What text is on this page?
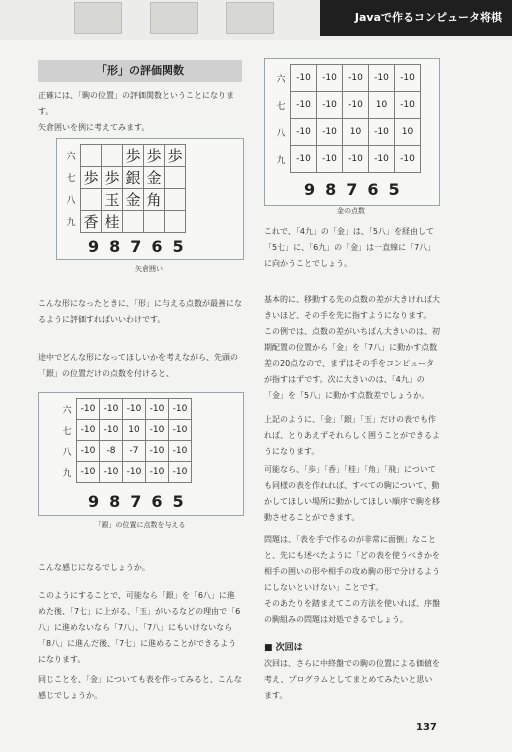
Javaで作るコンピュータ将棋
「形」の評価関数
正確には、「駒の位置」の評価関数ということになります。
矢倉囲いを例に考えてみます。
六			歩	歩	歩
七	歩	歩	銀	金	
八		玉	金	角	
九	香	桂			
98765
矢倉囲い
こんな形になったときに、「形」に与える点数が最善になるように評価すればいいわけです。
途中でどんな形になってほしいかを考えながら、先頭の「銀」の位置だけの点数を付けると、
六	-10	-10	-10	-10	-10
七	-10	-10	10	-10	-10
八	-10	-8	-7	-10	-10
九	-10	-10	-10	-10	-10
98765
「銀」の位置に点数を与える
こんな感じになるでしょうか。
このようにすることで、可能なら「銀」を「6八」に進めた後、「7七」に上がる、「玉」がいるなどの理由で「6八」に進めないなら「7八」、「7八」にもいけないなら「8八」に進んだ後、「7七」に進めることができるようになります。
同じことを、「金」についても表を作ってみると、こんな感じでしょうか。
六	-10	-10	-10	-10	-10
七	-10	-10	-10	10	-10
八	-10	-10	10	-10	10
九	-10	-10	-10	-10	-10
98765
金の点数
これで、「4九」の「金」は、「5八」を経由して「5七」に、「6九」の「金」は一直線に「7八」に向かうことでしょう。
基本的に、移動する先の点数の差が大きければ大きいほど、その手を先に指すようになります。
この例では、点数の差がいちばん大きいのは、初期配置の位置から「金」を「7八」に動かす点数差の20点なので、まずはその手をコンピュータが指すはずです。次に大きいのは、「4九」の「金」を「5八」に動かす点数差でしょうか。
上記のように、「金」「銀」「玉」だけの表でも作れば、とりあえずそれらしく囲うことができるようになります。
可能なら、「歩」「香」「桂」「角」「飛」についても同様の表を作れれば、すべての駒について、動かしてほしい場所に動かしてほしい順序で駒を移動させることができます。
問題は、「表を手で作るのが非常に面倒」なことと、先にも述べたように「どの表を使うべきかを相手の囲いの形や相手の攻め駒の形で分けるようにしないといけない」ことです。
そのあたりを踏まえてこの方法を使いれば、序盤の駒組みの問題は対処できるでしょう。
■ 次回は
次回は、さらに中終盤での駒の位置による価値を考え、プログラムとしてまとめてみたいと思います。
137
